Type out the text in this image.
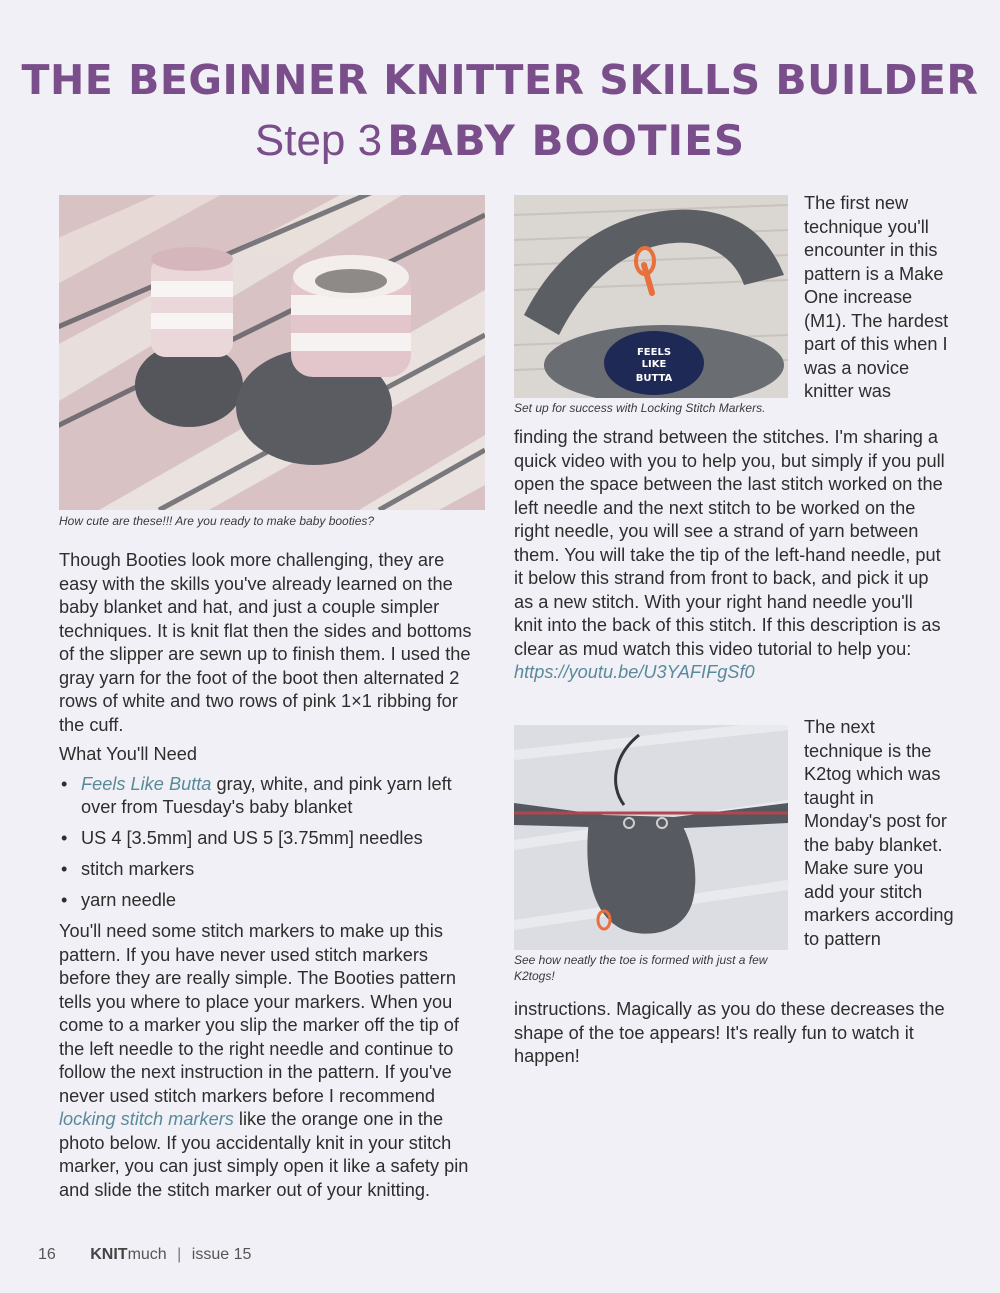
THE BEGINNER KNITTER SKILLS BUILDER
Step 3 BABY BOOTIES
How cute are these!!! Are you ready to make baby booties?

Though Booties look more challenging, they are easy with the skills you've already learned on the baby blanket and hat, and just a couple simpler techniques. It is knit flat then the sides and bottoms of the slipper are sewn up to finish them. I used the gray yarn for the foot of the boot then alternated 2 rows of white and two rows of pink 1×1 ribbing for the cuff.

What You'll Need

• Feels Like Butta gray, white, and pink yarn left over from Tuesday's baby blanket
• US 4 [3.5mm] and US 5 [3.75mm] needles
• stitch markers
• yarn needle

You'll need some stitch markers to make up this pattern. If you have never used stitch markers before they are really simple. The Booties pattern tells you where to place your markers. When you come to a marker you slip the marker off the tip of the left needle to the right needle and continue to follow the next instruction in the pattern. If you've never used stitch markers before I recommend locking stitch markers like the orange one in the photo below. If you accidentally knit in your stitch marker, you can just simply open it like a safety pin and slide the stitch marker out of your knitting.

FEELS
LIKE
BUTTA
Set up for success with Locking Stitch Markers.
The first new technique you'll encounter in this pattern is a Make One increase (M1). The hardest part of this when I was a novice knitter was
finding the strand between the stitches. I'm sharing a quick video with you to help you, but simply if you pull open the space between the last stitch worked on the left needle and the next stitch to be worked on the right needle, you will see a strand of yarn between them. You will take the tip of the left-hand needle, put it below this strand from front to back, and pick it up as a new stitch. With your right hand needle you'll knit into the back of this stitch. If this description is as clear as mud watch this video tutorial to help you:
https://youtu.be/U3YAFIFgSf0
See how neatly the toe is formed with just a few
K2togs!
The next technique is the K2tog which was taught in Monday's post for the baby blanket. Make sure you add your stitch markers according to pattern
instructions. Magically as you do these decreases the shape of the toe appears! It's really fun to watch it happen!
16 KNITmuch | issue 15
